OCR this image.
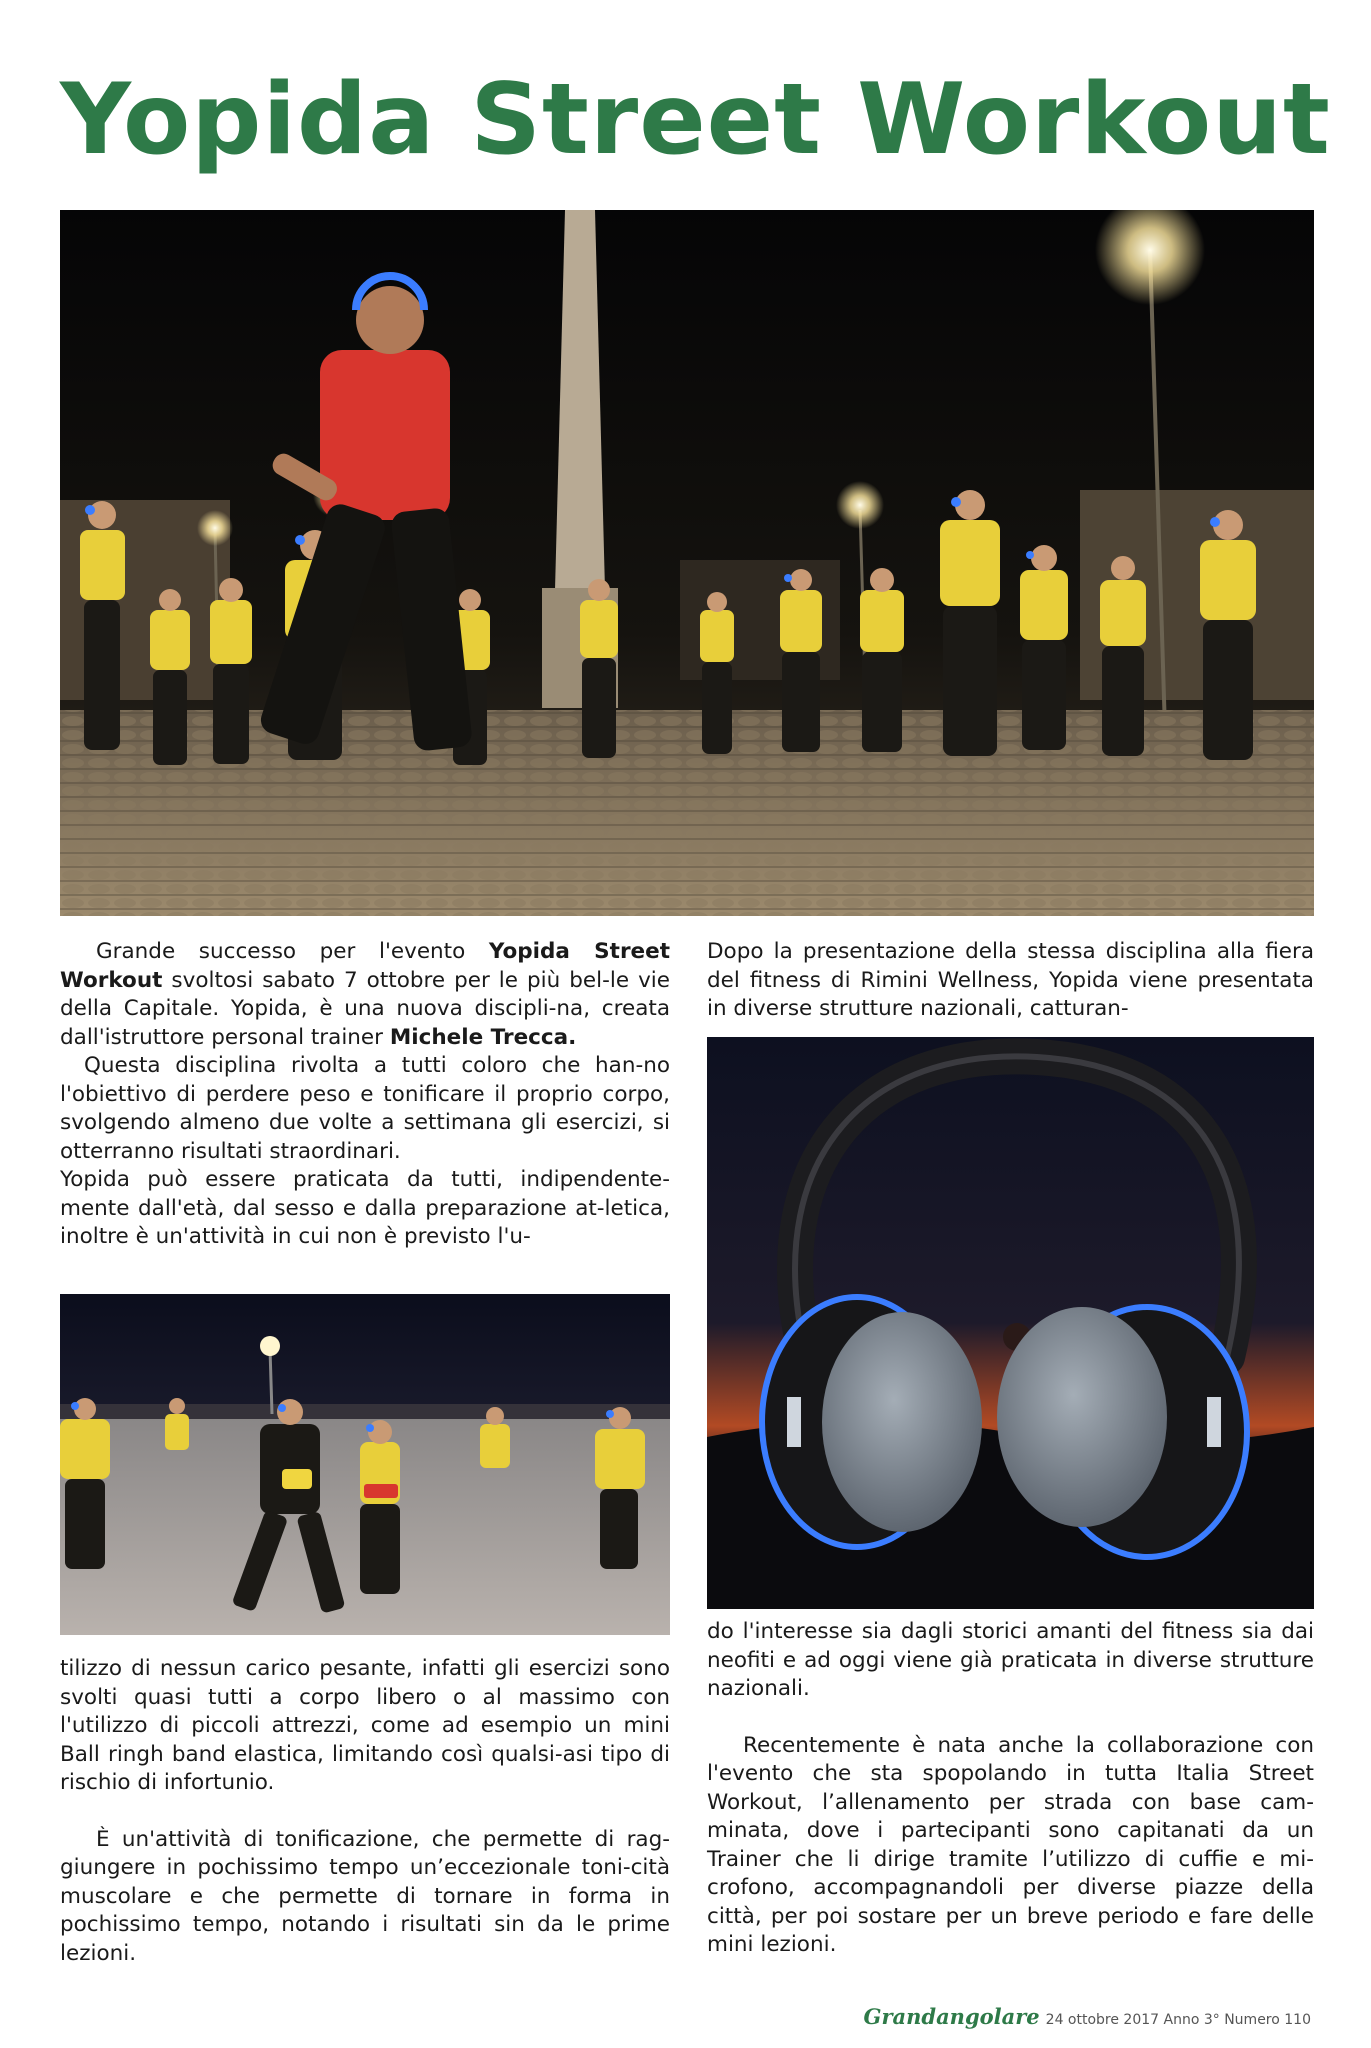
Yopida Street Workout

Grande successo per l'evento Yopida Street Workout svoltosi sabato 7 ottobre per le più bel-le vie della Capitale. Yopida, è una nuova discipli-na, creata dall'istruttore personal trainer Michele Trecca.

Questa disciplina rivolta a tutti coloro che han-no l'obiettivo di perdere peso e tonificare il proprio corpo, svolgendo almeno due volte a settimana gli esercizi, si otterranno risultati straordinari.

Yopida può essere praticata da tutti, indipendente-mente dall'età, dal sesso e dalla preparazione at-letica, inoltre è un'attività in cui non è previsto l'u-

tilizzo di nessun carico pesante, infatti gli esercizi sono svolti quasi tutti a corpo libero o al massimo con l'utilizzo di piccoli attrezzi, come ad esempio un mini Ball ringh band elastica, limitando così qualsi-asi tipo di rischio di infortunio.

È un'attività di tonificazione, che permette di rag-giungere in pochissimo tempo un’eccezionale toni-cità muscolare e che permette di tornare in forma in pochissimo tempo, notando i risultati sin da le prime lezioni.

Dopo la presentazione della stessa disciplina alla fiera del fitness di Rimini Wellness, Yopida viene presentata in diverse strutture nazionali, catturan-

do l'interesse sia dagli storici amanti del fitness sia dai neofiti e ad oggi viene già praticata in diverse strutture nazionali.

Recentemente è nata anche la collaborazione con l'evento che sta spopolando in tutta Italia Street Workout, l’allenamento per strada con base cam-minata, dove i partecipanti sono capitanati da un Trainer che li dirige tramite l’utilizzo di cuffie e mi-crofono, accompagnandoli per diverse piazze della città, per poi sostare per un breve periodo e fare delle mini lezioni.

Grandangolare 24 ottobre 2017 Anno 3° Numero 110
